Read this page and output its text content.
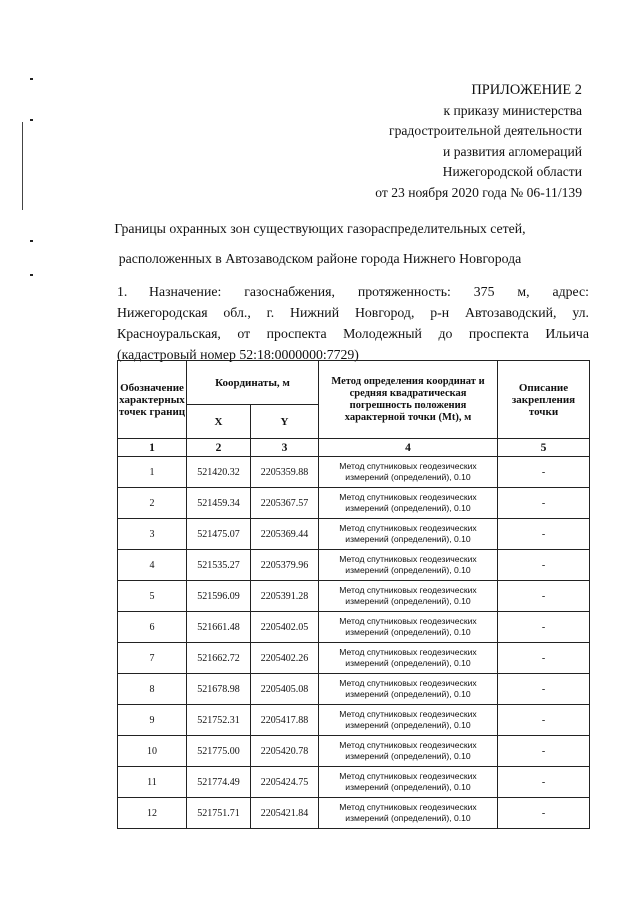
ПРИЛОЖЕНИЕ 2
к приказу министерства
градостроительной деятельности
и развития агломераций
Нижегородской области
от 23 ноября 2020 года № 06-11/139
Границы охранных зон существующих газораспределительных сетей,
расположенных в Автозаводском районе города Нижнего Новгорода
1. Назначение: газоснабжения, протяженность: 375 м, адрес:
Нижегородская обл., г. Нижний Новгород, р-н Автозаводский, ул.
Красноуральская, от проспекта Молодежный до проспекта Ильича
(кадастровый номер 52:18:0000000:7729)
Обозначение характерных точек границ	Координаты, м		Метод определения координат и средняя квадратическая погрешность положения характерной точки (Mt), м	Описание закрепления точки
	X	Y		
1	2	3	4	5
1	521420.32	2205359.88	Метод спутниковых геодезических измерений (определений), 0.10	-
2	521459.34	2205367.57	Метод спутниковых геодезических измерений (определений), 0.10	-
3	521475.07	2205369.44	Метод спутниковых геодезических измерений (определений), 0.10	-
4	521535.27	2205379.96	Метод спутниковых геодезических измерений (определений), 0.10	-
5	521596.09	2205391.28	Метод спутниковых геодезических измерений (определений), 0.10	-
6	521661.48	2205402.05	Метод спутниковых геодезических измерений (определений), 0.10	-
7	521662.72	2205402.26	Метод спутниковых геодезических измерений (определений), 0.10	-
8	521678.98	2205405.08	Метод спутниковых геодезических измерений (определений), 0.10	-
9	521752.31	2205417.88	Метод спутниковых геодезических измерений (определений), 0.10	-
10	521775.00	2205420.78	Метод спутниковых геодезических измерений (определений), 0.10	-
11	521774.49	2205424.75	Метод спутниковых геодезических измерений (определений), 0.10	-
12	521751.71	2205421.84	Метод спутниковых геодезических измерений (определений), 0.10	-
